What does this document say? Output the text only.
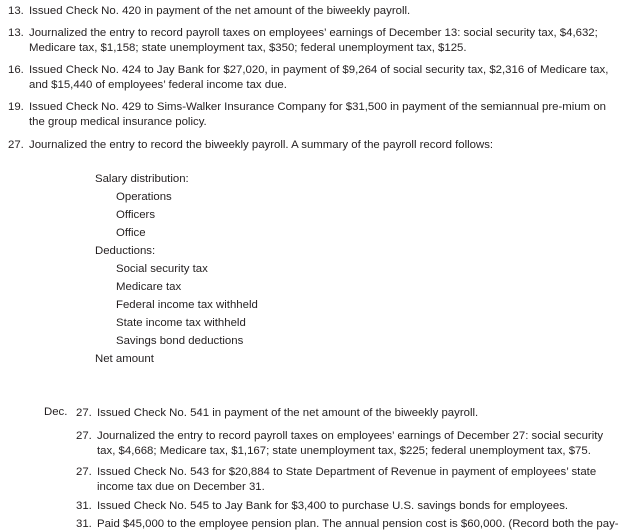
13. Issued Check No. 420 in payment of the net amount of the biweekly payroll.
13. Journalized the entry to record payroll taxes on employees’ earnings of December 13: social security tax, $4,632; Medicare tax, $1,158; state unemployment tax, $350; federal unemployment tax, $125.
16. Issued Check No. 424 to Jay Bank for $27,020, in payment of $9,264 of social security tax, $2,316 of Medicare tax, and $15,440 of employees’ federal income tax due.
19. Issued Check No. 429 to Sims-Walker Insurance Company for $31,500 in payment of the semiannual pre-mium on the group medical insurance policy.
27. Journalized the entry to record the biweekly payroll. A summary of the payroll record follows:
Salary distribution:
Operations
Officers
Office
Deductions:
Social security tax
Medicare tax
Federal income tax withheld
State income tax withheld
Savings bond deductions
Net amount
Dec. 27. Issued Check No. 541 in payment of the net amount of the biweekly payroll.
27. Journalized the entry to record payroll taxes on employees’ earnings of December 27: social security tax, $4,668; Medicare tax, $1,167; state unemployment tax, $225; federal unemployment tax, $75.
27. Issued Check No. 543 for $20,884 to State Department of Revenue in payment of employees’ state income tax due on December 31.
31. Issued Check No. 545 to Jay Bank for $3,400 to purchase U.S. savings bonds for employees.
31. Paid $45,000 to the employee pension plan. The annual pension cost is $60,000. (Record both the pay-
